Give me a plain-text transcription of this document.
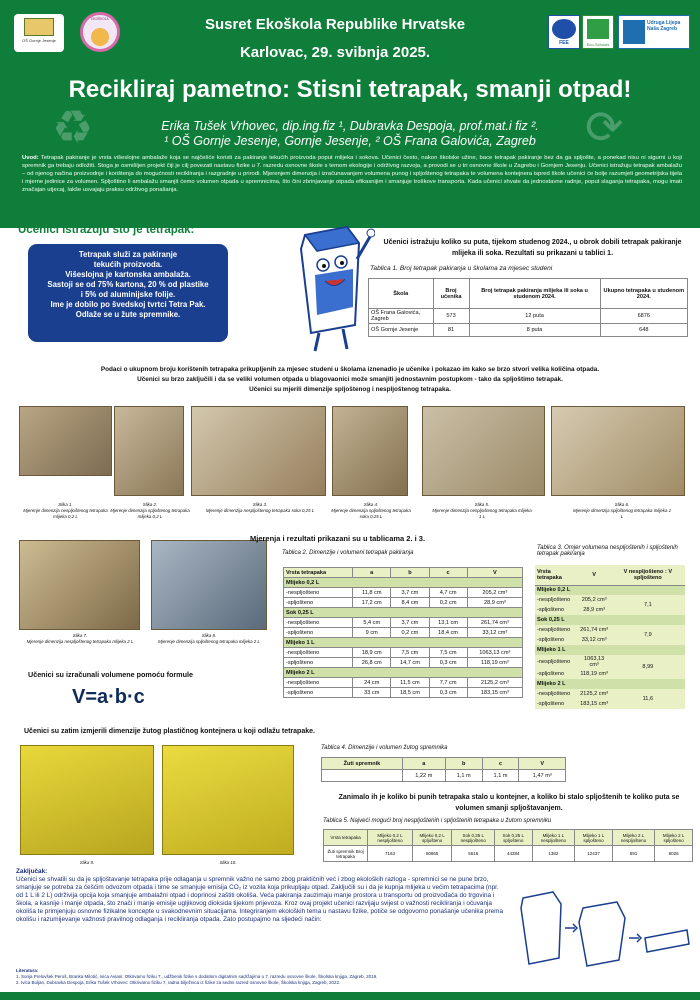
OŠ Gornje Jesenje
EKOŠKOLA
FEE	Eco-Schools
Udruga Lijepa Naša Zagreb
Susret Ekoškola Republike Hrvatske
Karlovac, 29. svibnja 2025.
♻	⟳
Recikliraj pametno: Stisni tetrapak, smanji otpad!
Erika Tušek Vrhovec, dip.ing.fiz ¹, Dubravka Despoja, prof.mat.i fiz ².
¹ OŠ Gornje Jesenje, Gornje Jesenje, ² OŠ Frana Galovića, Zagreb
Uvod: Tetrapak pakiranje je vrsta višeslojne ambalaže koja se najčešće koristi za pakiranje tekućih proizvoda poput mlijeka i sokova. Učenici često, nakon školske užine, bace tetrapak pakiranje bez da ga spljošte, a ponekad nisu ni sigurni u koji spremnik ga trebaju odložiti. Stoga je osmišljen projekt čiji je cilj povezati nastavu fizike u 7. razredu osnovne škole s temom ekologije i održivog razvoja, a provodi se u tri osnovne škole u Zagrebu i Gornjem Jesenju. Učenici istražuju tetrapak ambalažu – od njenog načina proizvodnje i korištenja do mogućnosti recikliranja i razgradnje u prirodi. Mjerenjem dimenzija i izračunavanjem volumena punog i spljoštenog tetrapaka te volumena kontejnera ispred škole učenici će bolje razumjeti geometrijska tijela i mjerne jedinice za volumen. Spljoštino li ambalažu smanjit ćemo volumen otpada u spremnicima, što čini zbrinjavanje otpada efikasnijim i smanjuje troškove transporta. Kada učenici shvate da jednostavne radnje, poput slaganja tetrapaka, mogu imati značajan utjecaj, lakše usvajaju praksu održivog ponašanja.
Učenici istražuju što je tetrapak:
Tetrapak služi za pakiranje
tekućih proizvoda.
Višeslojna je kartonska ambalaža.
Sastoji se od 75% kartona, 20 % od plastike
i 5% od aluminijske folije.
Ime je dobilo po švedskoj tvrtci Tetra Pak.
Odlaže se u žute spremnike.
Učenici istražuju koliko su puta, tijekom studenog 2024., u obrok dobili tetrapak pakiranje mlijeka ili soka. Rezultati su prikazani u tablici 1.
Tablica 1. Broj tetrapak pakiranja u školama za mjesec studeni
Škola	Broj učenika	Broj tetrapak pakiranja mlijeka ili soka u studenom 2024.	Ukupno tetrapaka u studenom 2024.
OŠ Frana Galovića, Zagreb	573	12 puta	6876
OŠ Gornje Jesenje	81	8 puta	648
Podaci o ukupnom broju korištenih tetrapaka prikupljenih za mjesec studeni u školama iznenadio je učenike i pokazao im kako se brzo stvori velika količina otpada.
Učenici su brzo zaključili i da se veliki volumen otpada u blagovaonici može smanjiti jednostavnim postupkom - tako da spljoštimo tetrapak.
Učenici su mjerili dimenzije spljoštenog i nespljoštenog tetrapaka.
Slika 1.
Mjerenje dimenzija nespljoštenog tetrapaka mlijeka 0,2 L
Slika 2.
Mjerenje dimenzija spljoštenog tetrapaka mlijeka 0,2 L
Slika 3.
Mjerenje dimenzija nespljoštenog tetrapaka soka 0,25 L
Slika 4.
Mjerenje dimenzija spljoštenog tetrapaka soka 0,25 L
Slika 5.
Mjerenje dimenzija nespljoštenog tetrapaka mlijeka 1 L
Slika 6.
Mjerenje dimenzija spljoštenog tetrapaka mlijeka 1 L
Slika 7.
Mjerenje dimenzija nespljoštenog tetrapaka mlijeka 2 L
Slika 8.
Mjerenje dimenzija spljoštenog tetrapaka mlijeka 2 L
Mjerenja i rezultati prikazani su u tablicama 2. i 3.
Tablica 2. Dimenzije i volumeni tetrapak pakiranja
Vrsta tetrapaka	a	b	c	V
Mlijeko 0,2 L				
-nespljošteno	11,8 cm	3,7 cm	4,7 cm	205,2 cm³
-spljošteno	17,2 cm	8,4 cm	0,2 cm	28,9 cm³
Sok 0,25 L				
-nespljošteno	5,4 cm	3,7 cm	13,1 cm	261,74 cm³
-spljošteno	9 cm	0,2 cm	18,4 cm	33,12 cm³
Mlijeko 1 L				
-nespljošteno	18,9 cm	7,5 cm	7,5 cm	1063,13 cm³
-spljošteno	26,8 cm	14,7 cm	0,3 cm	118,19 cm³
Mlijeko 2 L				
-nespljošteno	24 cm	11,5 cm	7,7 cm	2125,2 cm³
-spljošteno	33 cm	18,5 cm	0,3 cm	183,15 cm³
Tablica 3. Omjer volumena nespljoštenih i spljoštenih tetrapak pakiranja
Vrsta tetrapaka	V	V nespljošteno : V spljošteno
Mlijeko 0,2 L		
-nespljošteno	205,2 cm³	7,1
-spljošteno	28,9 cm³	
Sok 0,25 L		
-nespljošteno	261,74 cm³	7,9
-spljošteno	33,12 cm³	
Mlijeko 1 L		
-nespljošteno	1063,13 cm³	8,99
-spljošteno	118,19 cm³	
Mlijeko 2 L		
-nespljošteno	2125,2 cm³	11,6
-spljošteno	183,15 cm³	
Učenici su izračunali volumene pomoću formule
V=a·b·c
Učenici su zatim izmjerili dimenzije žutog plastičnog kontejnera u koji odlažu tetrapake.
Slika 9.	Slika 10.
Tablica 4. Dimenzije i volumen žutog spremnika
Žuti spremnik	a	b	c	V
	1,22 m	1,1 m	1.1 m	1,47 m³
Zanimalo ih je koliko bi punih tetrapaka stalo u kontejner, a koliko bi stalo spljoštenih te koliko puta se volumen smanji spljoštavanjem.
Tablica 5. Najveći mogući broj nespljoštenih i spljoštenih tetrapaka u žutom spremniku
Vrsta tetrapaka	Mlijeko 0,2 L nespljošteno	Mlijeko 0,2 L spljošteno	Sok 0,25 L nespljošteno	Sok 0,25 L spljošteno	Mlijeko 1 L nespljošteno	Mlijeko 1 L spljošteno	Mlijeko 2 L nespljošteno	Mlijeko 2 L spljošteno
Žuti spremnik Broj tetrapaka	7163	50865	5616	44384	1382	12437	691	8026
Zaključak:
Učenici se shvatili su da je spljoštavanje tetrapaka prije odlaganja u spremnik važno ne samo zbog praktičnih već i zbog ekoloških razloga - spremnici se ne pune brzo, smanjuje se potreba za češćim odvozom otpada i time se smanjuje emisija CO₂ iz vozila koja prikupljaju otpad. Zaključili su i da je kupnja mlijeka u većim tetrapacima (npr. od 1 L ili 2 L) održivija opcija koja smanjuje ambalažni otpad i doprinosi zaštiti okoliša. Veća pakiranja zauzimaju manje prostora u transportu od proizvođača do trgovina i škola, a kasnije i manje otpada, što znači i manje emisije ugljikovog dioksida tijekom prijevoza. Kroz ovaj projekt učenici razvijaju svijest o važnosti recikliranja i očuvanja okoliša te primjenjuju osnovne fizikalne koncepte u svakodnevnim situacijama. Integriranjem ekoloških tema u nastavu fizike, potiče se odgovorno ponašanje učenika prema okolišu i razumijevanje važnosti pravilnog odlaganja i recikliranja otpada. Zato postupajmo na sljedeći način:
Literatura:
1. Sonja Prelovšek Peroš, Branka Milotić, Ivica Aviani: Otkrivamo fiziku 7., udžbenik fizike s dodatnim digitalnim sadržajima u 7. razredu osnovne škole, Školska knjiga, Zagreb, 2019.
2. Ivica Buljan, Dubravka Despoja, Erika Tušek Vrhovec: Otkrivamo fiziku 7, radna bilježnica iz fizike za sedmi razred osnovne škole, Školska knjiga, Zagreb, 2022.
